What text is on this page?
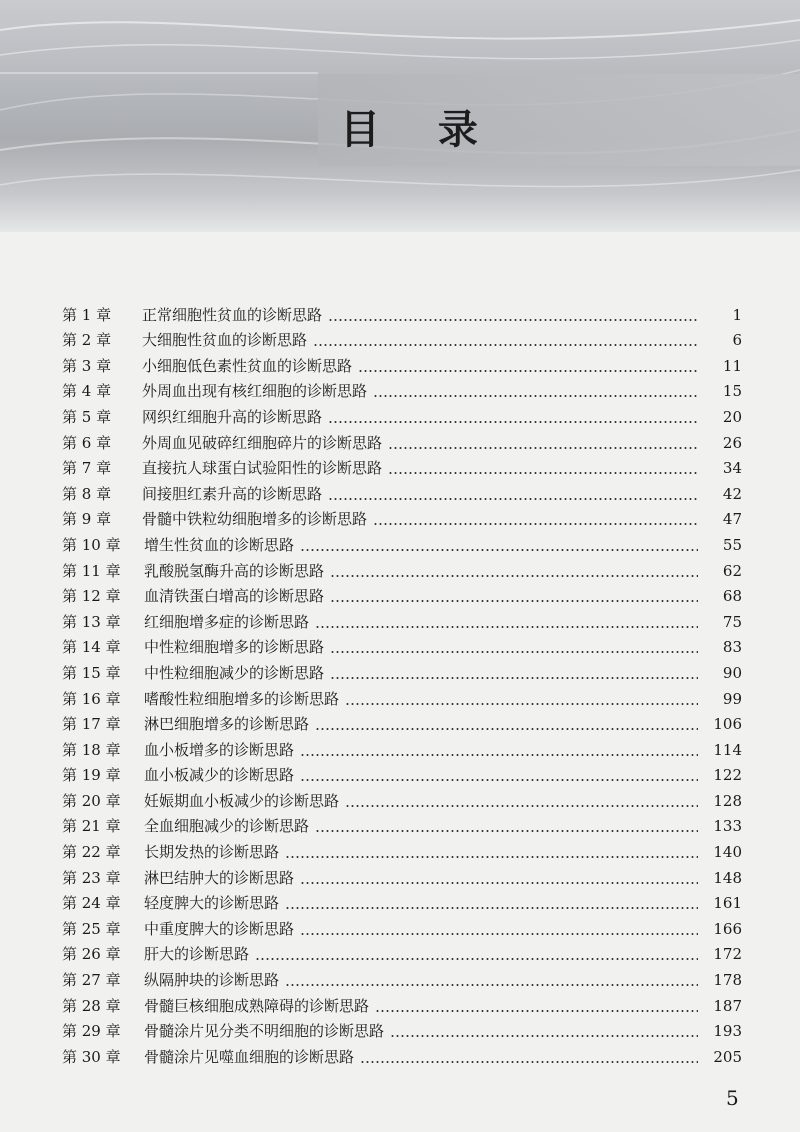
目 录
第 1 章	正常细胞性贫血的诊断思路	1
第 2 章	大细胞性贫血的诊断思路	6
第 3 章	小细胞低色素性贫血的诊断思路	11
第 4 章	外周血出现有核红细胞的诊断思路	15
第 5 章	网织红细胞升高的诊断思路	20
第 6 章	外周血见破碎红细胞碎片的诊断思路	26
第 7 章	直接抗人球蛋白试验阳性的诊断思路	34
第 8 章	间接胆红素升高的诊断思路	42
第 9 章	骨髓中铁粒幼细胞增多的诊断思路	47
第 10 章	增生性贫血的诊断思路	55
第 11 章	乳酸脱氢酶升高的诊断思路	62
第 12 章	血清铁蛋白增高的诊断思路	68
第 13 章	红细胞增多症的诊断思路	75
第 14 章	中性粒细胞增多的诊断思路	83
第 15 章	中性粒细胞减少的诊断思路	90
第 16 章	嗜酸性粒细胞增多的诊断思路	99
第 17 章	淋巴细胞增多的诊断思路	106
第 18 章	血小板增多的诊断思路	114
第 19 章	血小板减少的诊断思路	122
第 20 章	妊娠期血小板减少的诊断思路	128
第 21 章	全血细胞减少的诊断思路	133
第 22 章	长期发热的诊断思路	140
第 23 章	淋巴结肿大的诊断思路	148
第 24 章	轻度脾大的诊断思路	161
第 25 章	中重度脾大的诊断思路	166
第 26 章	肝大的诊断思路	172
第 27 章	纵隔肿块的诊断思路	178
第 28 章	骨髓巨核细胞成熟障碍的诊断思路	187
第 29 章	骨髓涂片见分类不明细胞的诊断思路	193
第 30 章	骨髓涂片见噬血细胞的诊断思路	205
5
